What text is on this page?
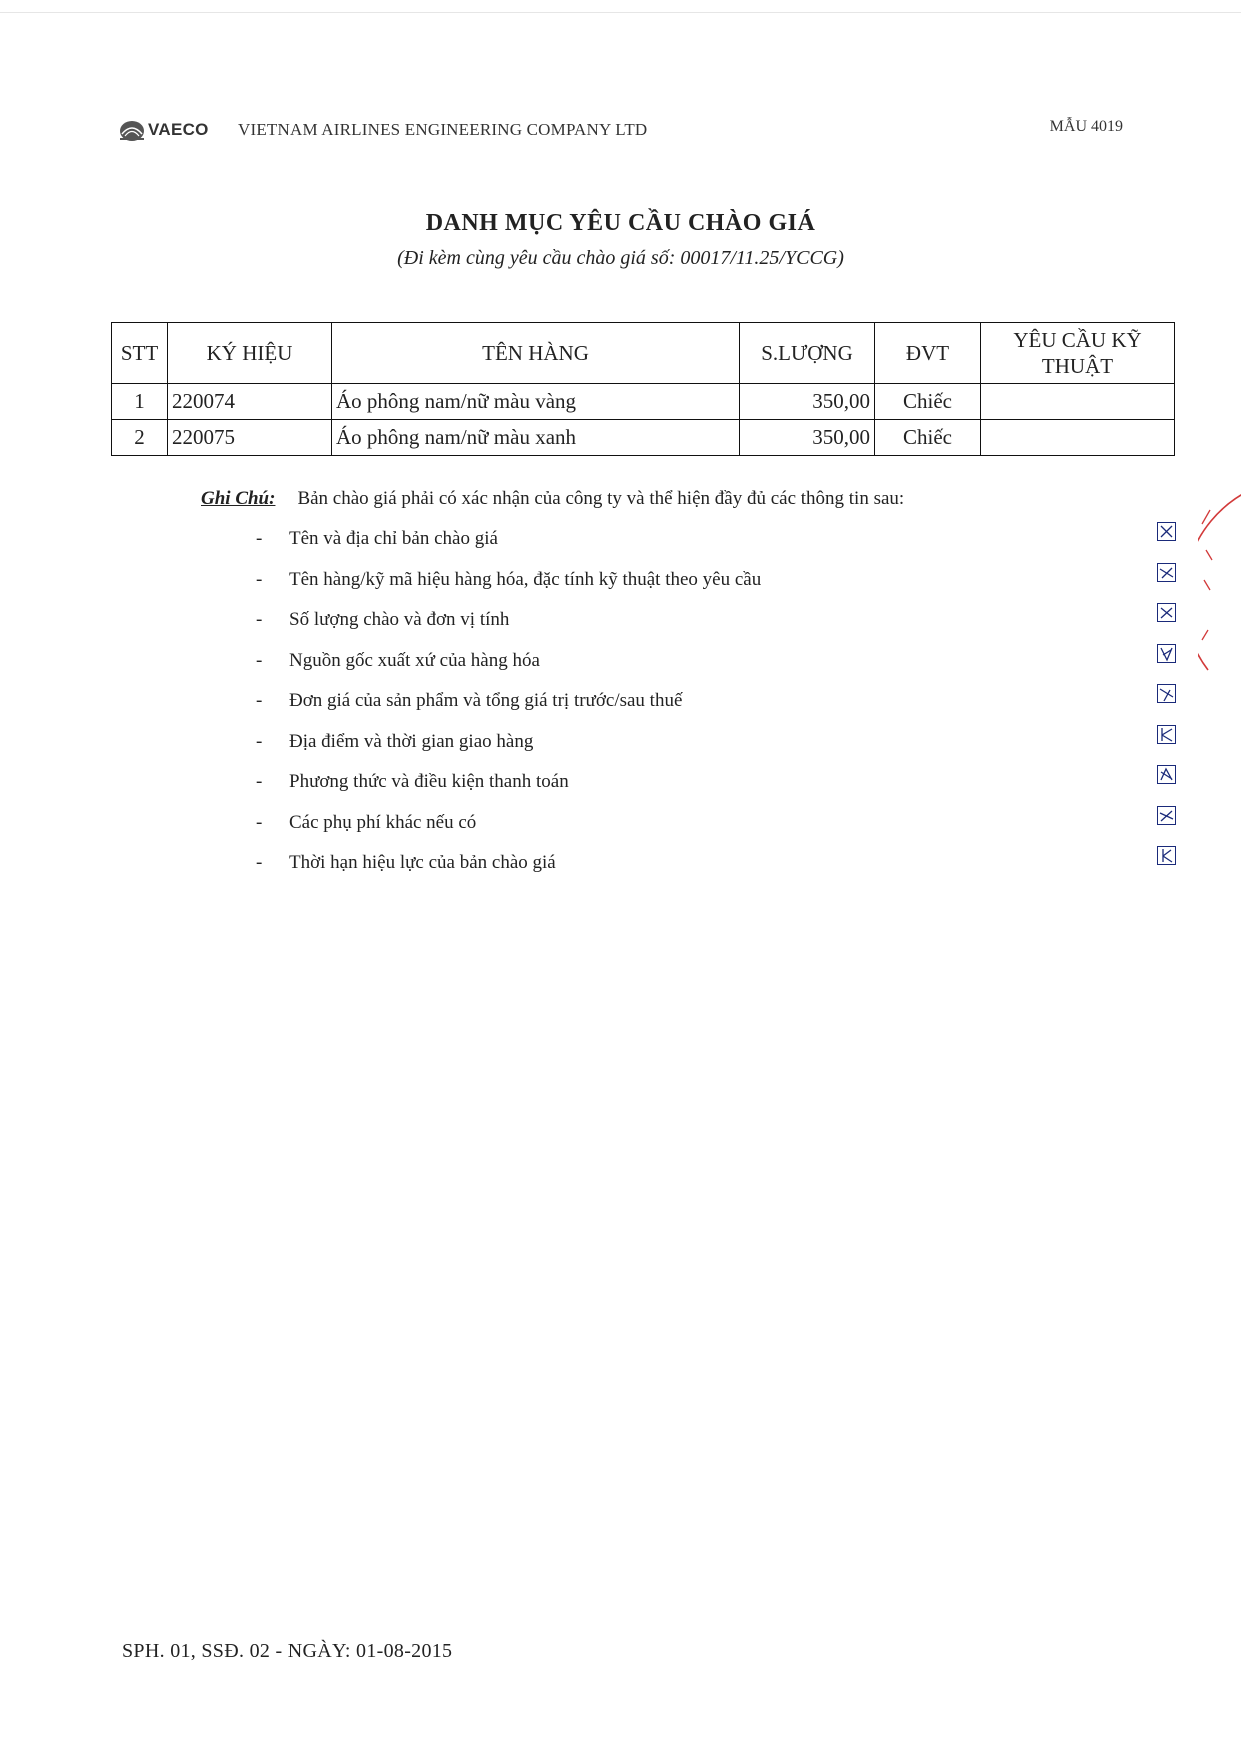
VAECO VIETNAM AIRLINES ENGINEERING COMPANY LTD	MẪU 4019
DANH MỤC YÊU CẦU CHÀO GIÁ
(Đi kèm cùng yêu cầu chào giá số: 00017/11.25/YCCG)
STT	KÝ HIỆU	TÊN HÀNG	S.LƯỢNG	ĐVT	YÊU CẦU KỸ THUẬT
1	220074	Áo phông nam/nữ màu vàng	350,00	Chiếc	
2	220075	Áo phông nam/nữ màu xanh	350,00	Chiếc	
Ghi Chú: Bản chào giá phải có xác nhận của công ty và thể hiện đầy đủ các thông tin sau:
- Tên và địa chỉ bản chào giá
- Tên hàng/kỹ mã hiệu hàng hóa, đặc tính kỹ thuật theo yêu cầu
- Số lượng chào và đơn vị tính
- Nguồn gốc xuất xứ của hàng hóa
- Đơn giá của sản phẩm và tổng giá trị trước/sau thuế
- Địa điểm và thời gian giao hàng
- Phương thức và điều kiện thanh toán
- Các phụ phí khác nếu có
- Thời hạn hiệu lực của bản chào giá
SPH. 01, SSĐ. 02 - NGÀY: 01-08-2015
